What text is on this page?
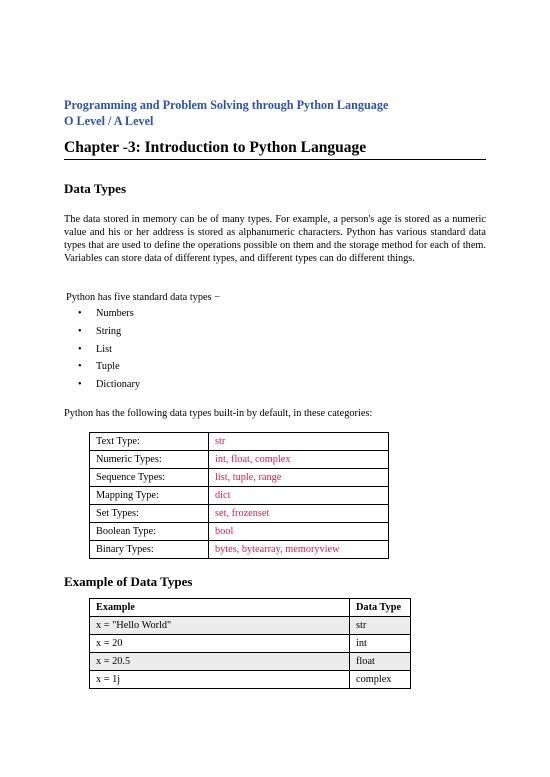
Programming and Problem Solving through Python Language
O Level / A Level
Chapter -3: Introduction to Python Language
Data Types
The data stored in memory can be of many types. For example, a person's age is stored as a numeric value and his or her address is stored as alphanumeric characters. Python has various standard data types that are used to define the operations possible on them and the storage method for each of them. Variables can store data of different types, and different types can do different things.
Python has five standard data types −
• Numbers
• String
• List
• Tuple
• Dictionary
Python has the following data types built-in by default, in these categories:
Text Type:	str
Numeric Types:	int, float, complex
Sequence Types:	list, tuple, range
Mapping Type:	dict
Set Types:	set, frozenset
Boolean Type:	bool
Binary Types:	bytes, bytearray, memoryview
Example of Data Types
Example	Data Type
x = "Hello World"	str
x = 20	int
x = 20.5	float
x = 1j	complex
